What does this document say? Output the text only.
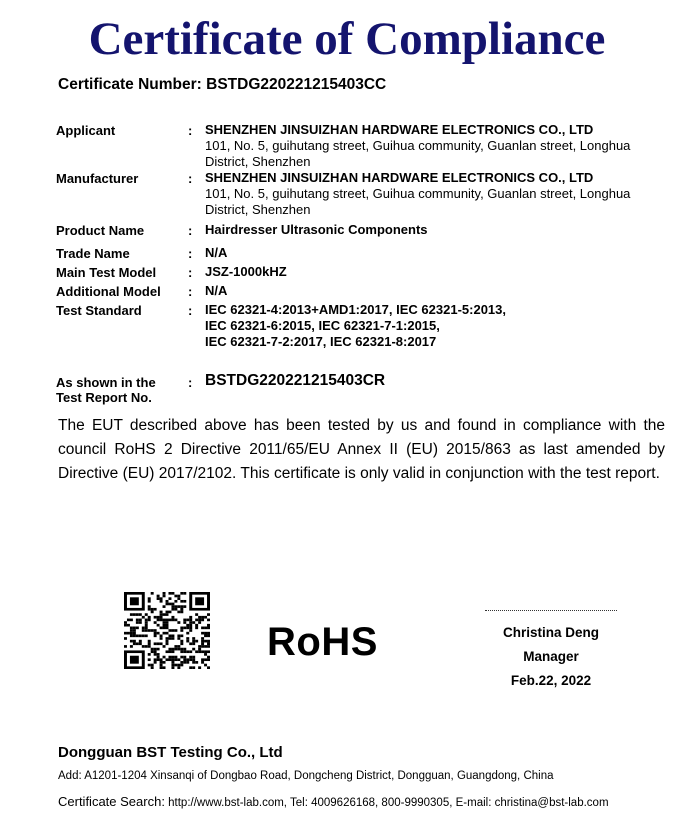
Certificate of Compliance
Certificate Number: BSTDG220221215403CC
Applicant	: SHENZHEN JINSUIZHAN HARDWARE ELECTRONICS CO., LTD
101, No. 5, guihutang street, Guihua community, Guanlan street, Longhua
District, Shenzhen
Manufacturer	: SHENZHEN JINSUIZHAN HARDWARE ELECTRONICS CO., LTD
101, No. 5, guihutang street, Guihua community, Guanlan street, Longhua
District, Shenzhen
Product Name	: Hairdresser Ultrasonic Components
Trade Name	: N/A
Main Test Model : JSZ-1000kHZ
Additional Model : N/A
Test Standard	: IEC 62321-4:2013+AMD1:2017, IEC 62321-5:2013,
IEC 62321-6:2015, IEC 62321-7-1:2015,
IEC 62321-7-2:2017, IEC 62321-8:2017
As shown in the
Test Report No.
: BSTDG220221215403CR
The EUT described above has been tested by us and found in compliance with the council RoHS 2 Directive 2011/65/EU Annex II (EU) 2015/863 as last amended by Directive (EU) 2017/2102. This certificate is only valid in conjunction with the test report.
RoHS	Christina Deng
Manager
Feb.22, 2022
Dongguan BST Testing Co., Ltd
Add: A1201-1204 Xinsanqi of Dongbao Road, Dongcheng District, Dongguan, Guangdong, China
Certificate Search: http://www.bst-lab.com, Tel: 4009626168, 800-9990305, E-mail: christina@bst-lab.com
